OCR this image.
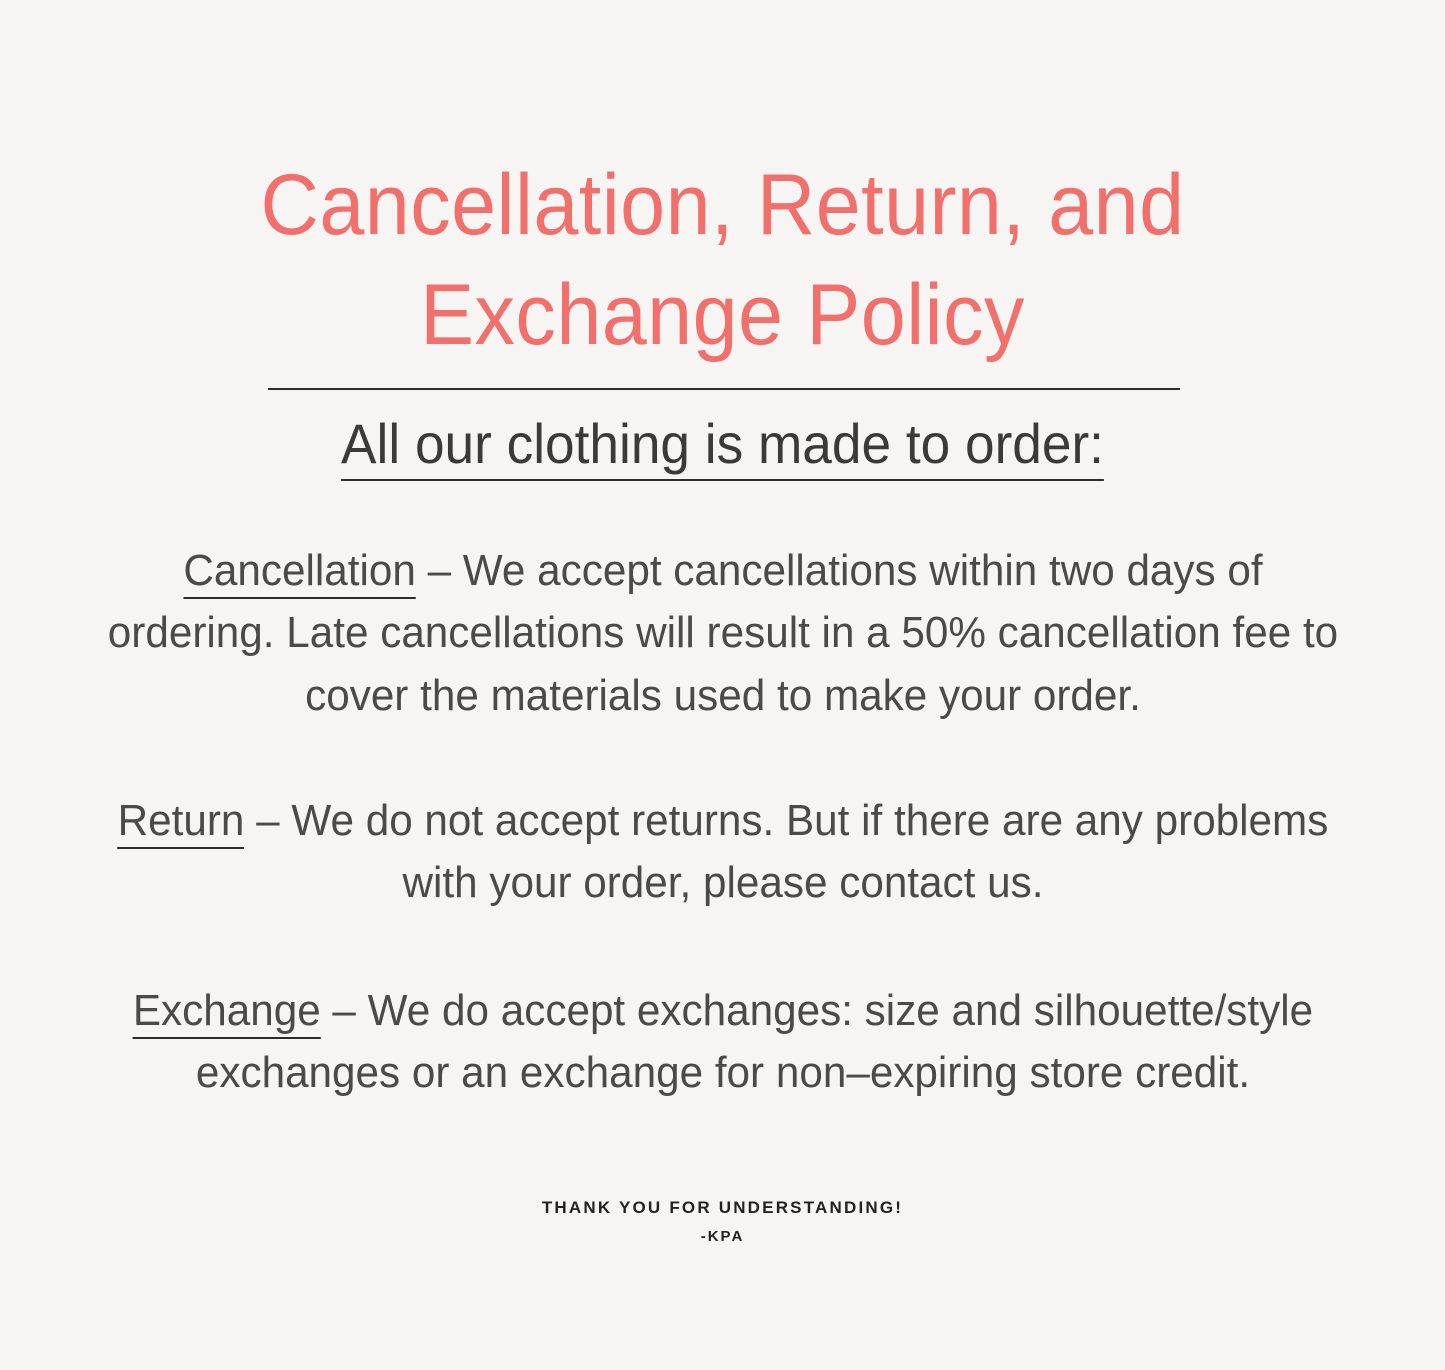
Cancellation, Return, and Exchange Policy
All our clothing is made to order:
Cancellation – We accept cancellations within two days of ordering. Late cancellations will result in a 50% cancellation fee to cover the materials used to make your order.
Return – We do not accept returns. But if there are any problems with your order, please contact us.
Exchange – We do accept exchanges: size and silhouette/style exchanges or an exchange for non–expiring store credit.
THANK YOU FOR UNDERSTANDING!
-KPA
